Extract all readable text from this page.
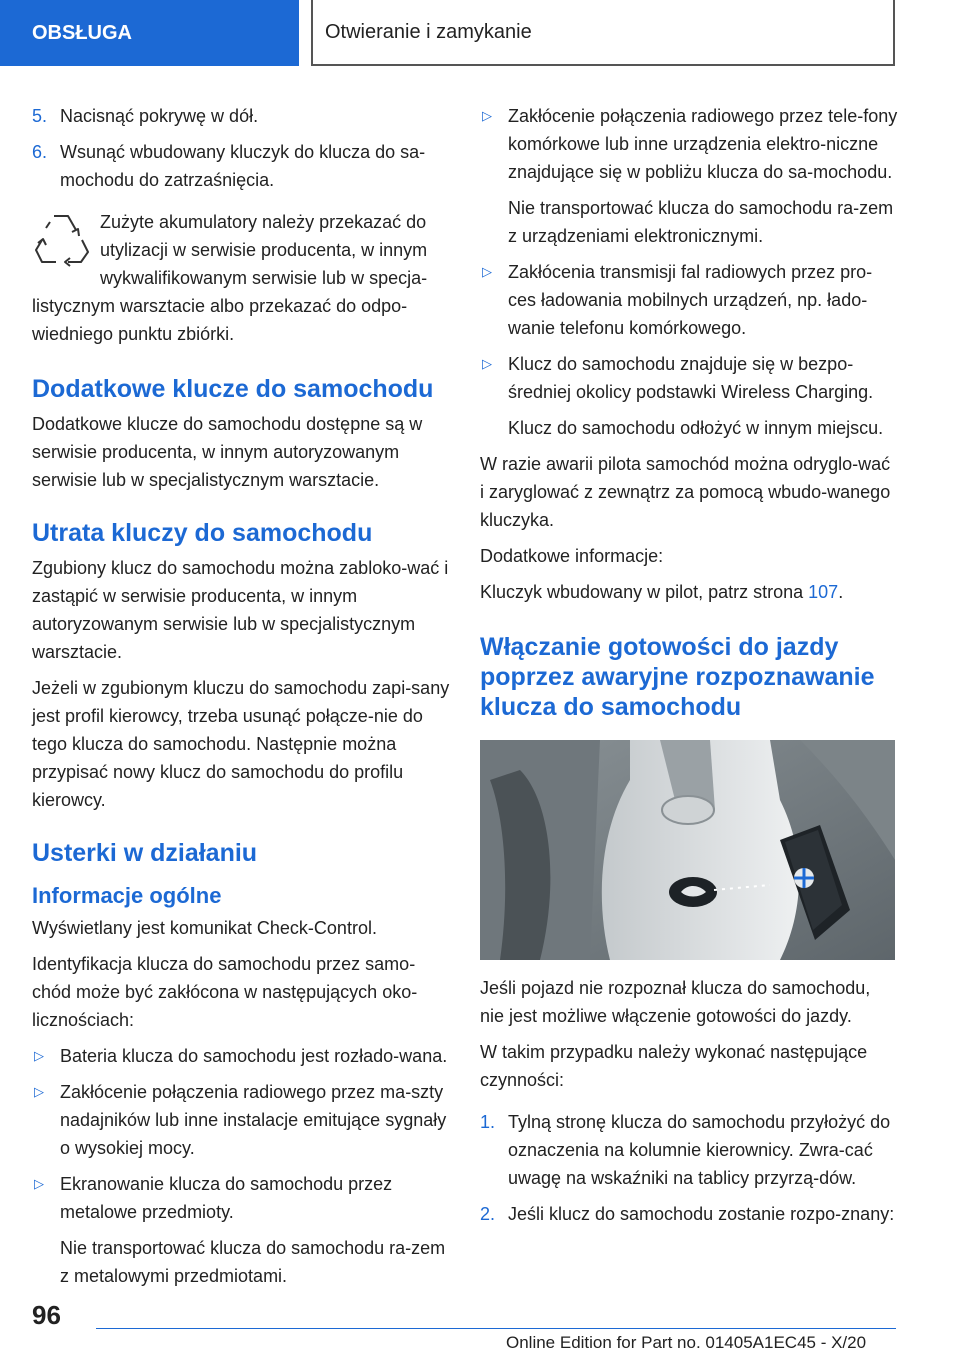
OBSŁUGA	Otwieranie i zamykanie
5. Nacisnąć pokrywę w dół.
6. Wsunąć wbudowany kluczyk do klucza do sa-mochodu do zatrzaśnięcia.
Zużyte akumulatory należy przekazać do utylizacji w serwisie producenta, w innym wykwalifikowanym serwisie lub w specja-listycznym warsztacie albo przekazać do odpo-wiedniego punktu zbiórki.
Dodatkowe klucze do samochodu

Dodatkowe klucze do samochodu dostępne są w serwisie producenta, w innym autoryzowanym serwisie lub w specjalistycznym warsztacie.

Utrata kluczy do samochodu

Zgubiony klucz do samochodu można zabloko-wać i zastąpić w serwisie producenta, w innym autoryzowanym serwisie lub w specjalistycznym warsztacie.

Jeżeli w zgubionym kluczu do samochodu zapi-sany jest profil kierowcy, trzeba usunąć połącze-nie do tego klucza do samochodu. Następnie można przypisać nowy klucz do samochodu do profilu kierowcy.

Usterki w działaniu
Informacje ogólne

Wyświetlany jest komunikat Check-Control.

Identyfikacja klucza do samochodu przez samo-chód może być zakłócona w następujących oko-licznościach:

▷ Bateria klucza do samochodu jest rozłado-wana.
▷ Zakłócenie połączenia radiowego przez ma-szty nadajników lub inne instalacje emitujące sygnały o wysokiej mocy.
▷ Ekranowanie klucza do samochodu przez metalowe przedmioty.

Nie transportować klucza do samochodu ra-zem z metalowymi przedmiotami.

▷ Zakłócenie połączenia radiowego przez tele-fony komórkowe lub inne urządzenia elektro-niczne znajdujące się w pobliżu klucza do sa-mochodu.

Nie transportować klucza do samochodu ra-zem z urządzeniami elektronicznymi.

▷ Zakłócenia transmisji fal radiowych przez pro-ces ładowania mobilnych urządzeń, np. łado-wanie telefonu komórkowego.
▷ Klucz do samochodu znajduje się w bezpo-średniej okolicy podstawki Wireless Charging.

Klucz do samochodu odłożyć w innym miejscu.

W razie awarii pilota samochód można odryglo-wać i zaryglować z zewnątrz za pomocą wbudo-wanego kluczyka.

Dodatkowe informacje:

Kluczyk wbudowany w pilot, patrz strona 107.

Włączanie gotowości do jazdy poprzez awaryjne rozpoznawanie klucza do samochodu

Jeśli pojazd nie rozpoznał klucza do samochodu, nie jest możliwe włączenie gotowości do jazdy.

W takim przypadku należy wykonać następujące czynności:

1. Tylną stronę klucza do samochodu przyłożyć do oznaczenia na kolumnie kierownicy. Zwra-cać uwagę na wskaźniki na tablicy przyrzą-dów.
2. Jeśli klucz do samochodu zostanie rozpo-znany:
96
Online Edition for Part no. 01405A1EC45 - X/20
